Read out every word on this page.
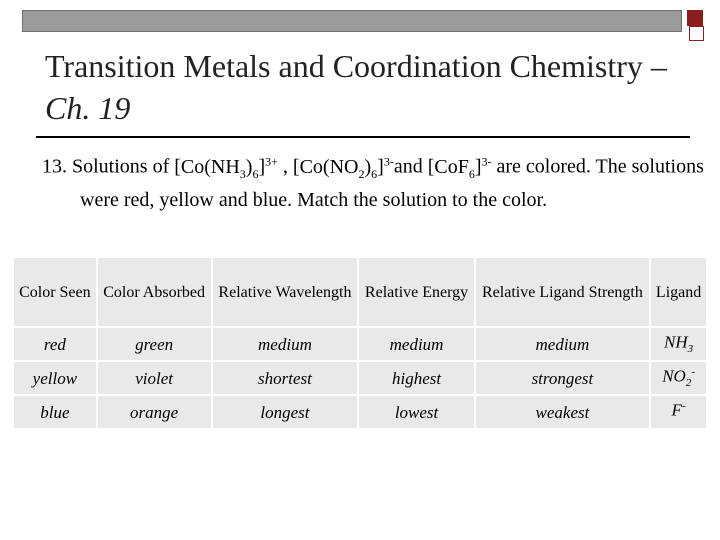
Transition Metals and Coordination Chemistry – Ch. 19
13. Solutions of $[Co(NH_3)_6]^{3+}$ , $[Co(NO_2)_6]^{3-}and$ $[CoF_6]^{3-}$ are colored. The solutions were red, yellow and blue. Match the solution to the color.
Color Seen	Color Absorbed	Relative Wavelength	Relative Energy	Relative Ligand Strength	Ligand
red	green	medium	medium	medium	$NH_3$
yellow	violet	shortest	highest	strongest	$NO_2^-$
blue	orange	longest	lowest	weakest	F-
